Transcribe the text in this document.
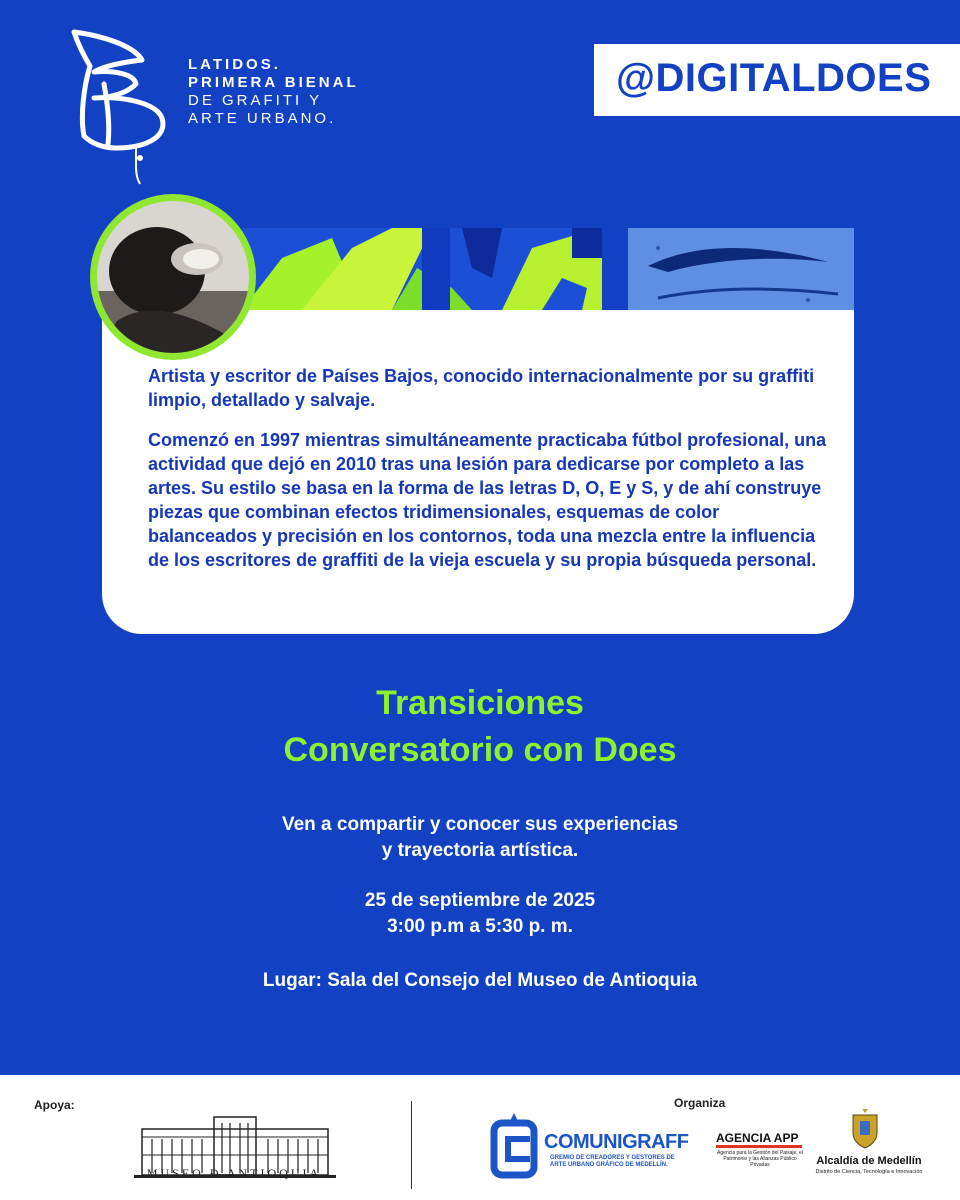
LATIDOS.
PRIMERA BIENAL
DE GRAFITI Y
ARTE URBANO.
@DIGITALDOES

Artista y escritor de Países Bajos, conocido internacionalmente por su graffiti limpio, detallado y salvaje.

Comenzó en 1997 mientras simultáneamente practicaba fútbol profesional, una actividad que dejó en 2010 tras una lesión para dedicarse por completo a las artes. Su estilo se basa en la forma de las letras D, O, E y S, y de ahí construye piezas que combinan efectos tridimensionales, esquemas de color balanceados y precisión en los contornos, toda una mezcla entre la influencia de los escritores de graffiti de la vieja escuela y su propia búsqueda personal.

Transiciones
Conversatorio con Does
Ven a compartir y conocer sus experiencias
y trayectoria artística.
25 de septiembre de 2025
3:00 p.m a 5:30 p. m.
Lugar: Sala del Consejo del Museo de Antioquia
Apoya:
MUSEO Ð ANTIOQUIA
Organiza
COMUNIGRAFF
GREMIO DE CREADORES Y GESTORES DE ARTE URBANO GRÁFICO DE MEDELLÍN.
AGENCIA APP
Agencia para la Gestión del Paisaje, el Patrimonio y las Alianzas Público Privadas	Alcaldía de Medellín
Distrito de Ciencia, Tecnología e Innovación
